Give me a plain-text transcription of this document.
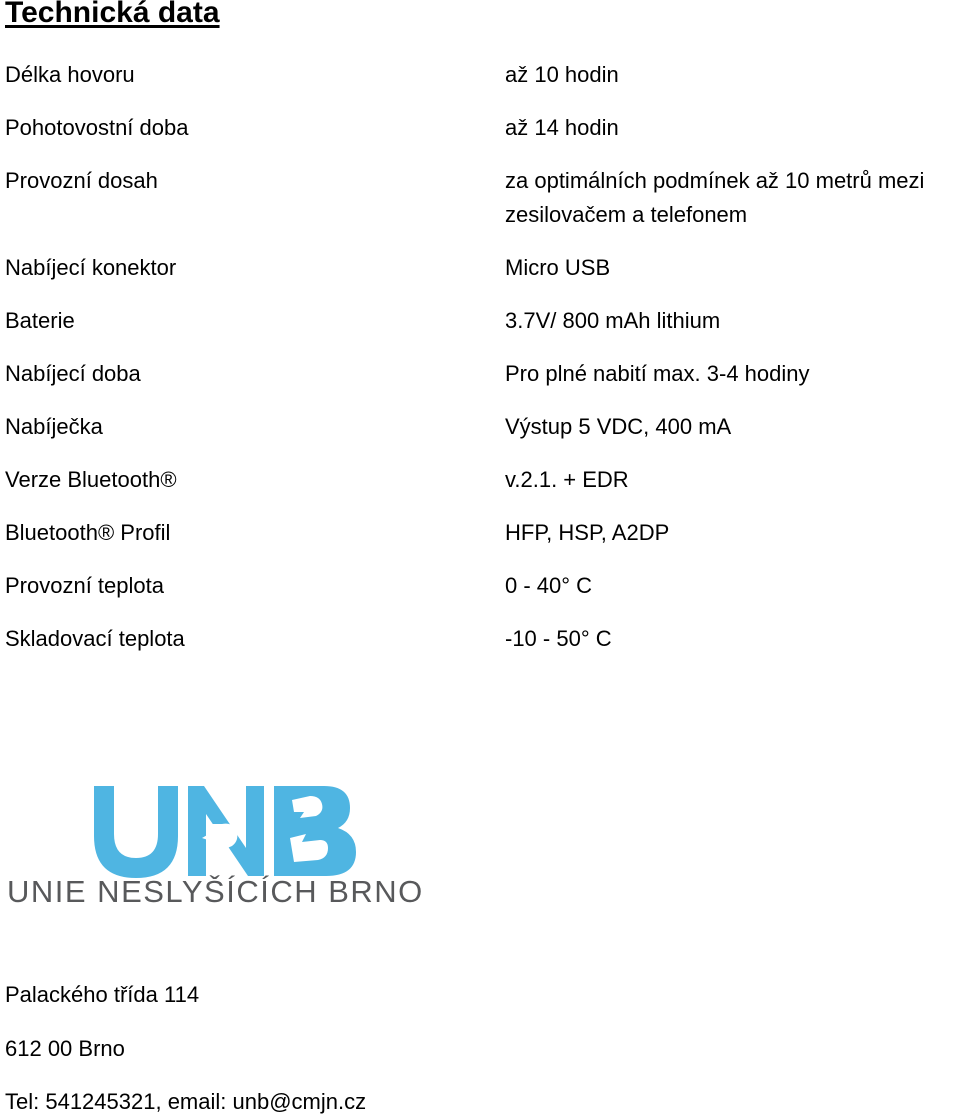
Technická data
Délka hovoru	až 10 hodin
Pohotovostní doba	až 14 hodin
Provozní dosah	za optimálních podmínek až 10 metrů mezi zesilovačem a telefonem
Nabíjecí konektor	Micro USB
Baterie	3.7V/ 800 mAh lithium
Nabíjecí doba	Pro plné nabití max. 3-4 hodiny
Nabíječka	Výstup 5 VDC, 400 mA
Verze Bluetooth®	v.2.1. + EDR
Bluetooth® Profil	HFP, HSP, A2DP
Provozní teplota	0 - 40° C
Skladovací teplota	-10 - 50° C
UNIE NESLYŠÍCÍCH BRNO
Palackého třída 114
612 00 Brno
Tel: 541245321, email: unb@cmjn.cz
